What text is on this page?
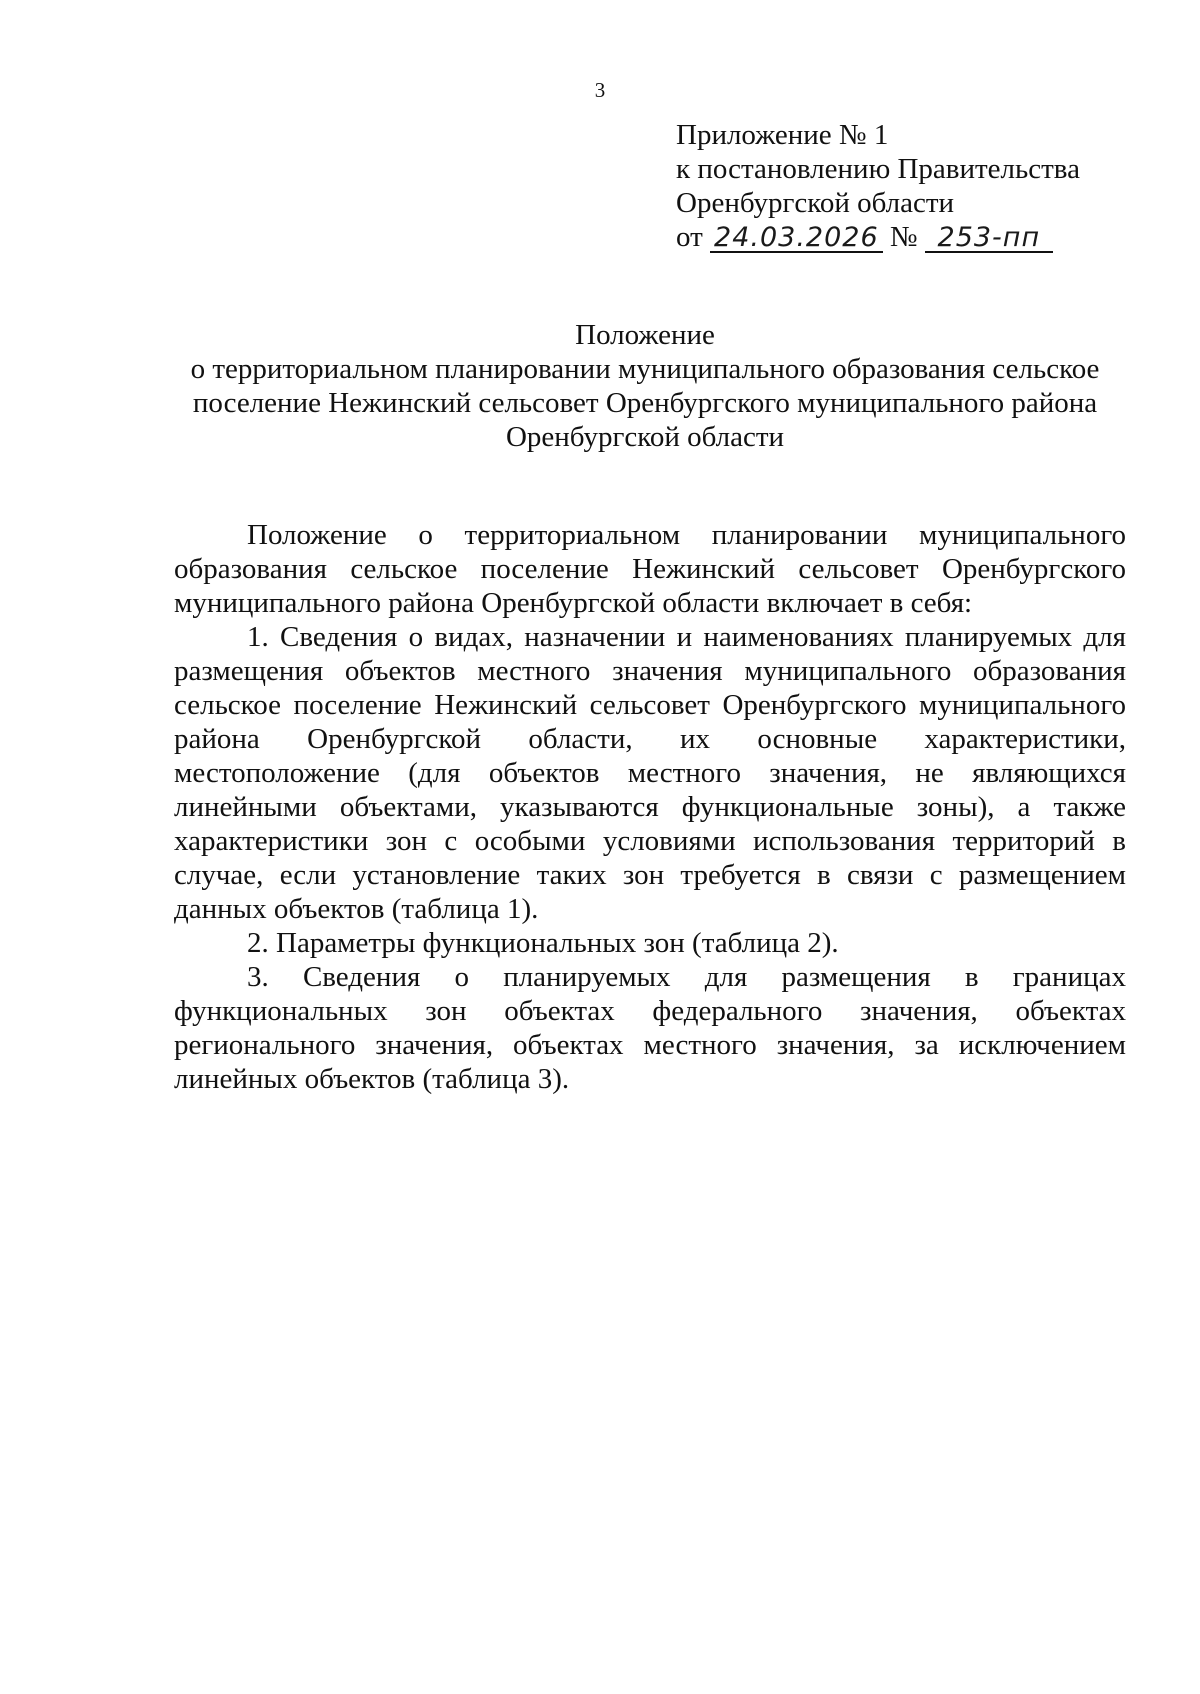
3
Приложение № 1
к постановлению Правительства
Оренбургской области
от 24.03.2026 № 253-пп
Положение
о территориальном планировании муниципального образования сельское
поселение Нежинский сельсовет Оренбургского муниципального района
Оренбургской области

Положение о территориальном планировании муниципального образования сельское поселение Нежинский сельсовет Оренбургского муниципального района Оренбургской области включает в себя:

1. Сведения о видах, назначении и наименованиях планируемых для размещения объектов местного значения муниципального образования сельское поселение Нежинский сельсовет Оренбургского муниципального района Оренбургской области, их основные характеристики, местоположение (для объектов местного значения, не являющихся линейными объектами, указываются функциональные зоны), а также характеристики зон с особыми условиями использования территорий в случае, если установление таких зон требуется в связи с размещением данных объектов (таблица 1).

2. Параметры функциональных зон (таблица 2).

3. Сведения о планируемых для размещения в границах функциональных зон объектах федерального значения, объектах регионального значения, объектах местного значения, за исключением линейных объектов (таблица 3).
